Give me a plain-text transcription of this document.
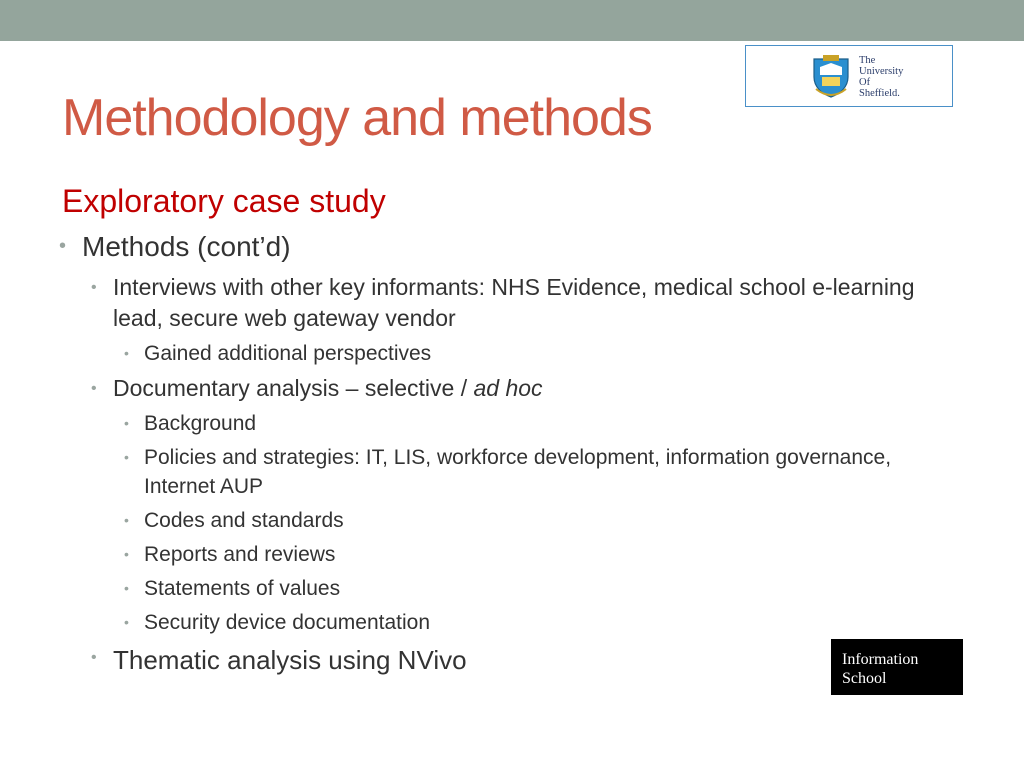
The
University
Of
Sheffield.
Methodology and methods
Exploratory case study
• Methods (cont’d)
• Interviews with other key informants: NHS Evidence, medical school e-learning lead, secure web gateway vendor
• Gained additional perspectives
• Documentary analysis – selective / ad hoc
• Background
• Policies and strategies: IT, LIS, workforce development, information governance, Internet AUP
• Codes and standards
• Reports and reviews
• Statements of values
• Security device documentation
• Thematic analysis using NVivo	Information
School
